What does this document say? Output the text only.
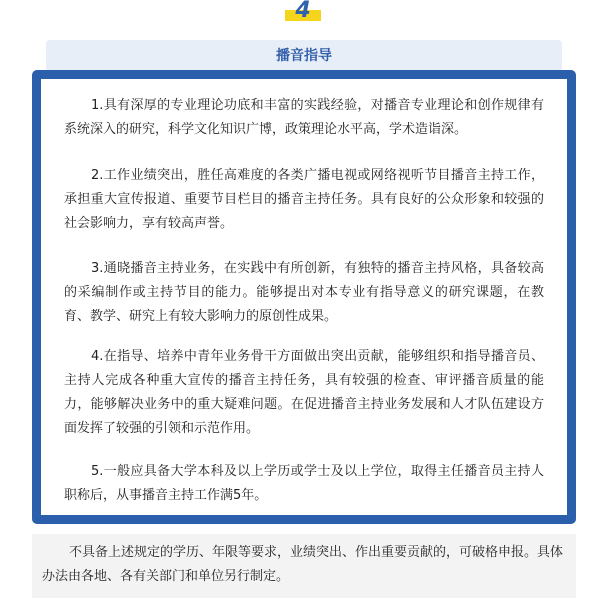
4
播音指导
1.具有深厚的专业理论功底和丰富的实践经验，对播音专业理论和创作规律有系统深入的研究，科学文化知识广博，政策理论水平高，学术造诣深。
2.工作业绩突出，胜任高难度的各类广播电视或网络视听节目播音主持工作，承担重大宣传报道、重要节目栏目的播音主持任务。具有良好的公众形象和较强的社会影响力，享有较高声誉。
3.通晓播音主持业务，在实践中有所创新，有独特的播音主持风格，具备较高的采编制作或主持节目的能力。能够提出对本专业有指导意义的研究课题，在教育、教学、研究上有较大影响力的原创性成果。
4.在指导、培养中青年业务骨干方面做出突出贡献，能够组织和指导播音员、主持人完成各种重大宣传的播音主持任务，具有较强的检查、审评播音质量的能力，能够解决业务中的重大疑难问题。在促进播音主持业务发展和人才队伍建设方面发挥了较强的引领和示范作用。
5.一般应具备大学本科及以上学历或学士及以上学位，取得主任播音员主持人职称后，从事播音主持工作满5年。
不具备上述规定的学历、年限等要求，业绩突出、作出重要贡献的，可破格申报。具体办法由各地、各有关部门和单位另行制定。
